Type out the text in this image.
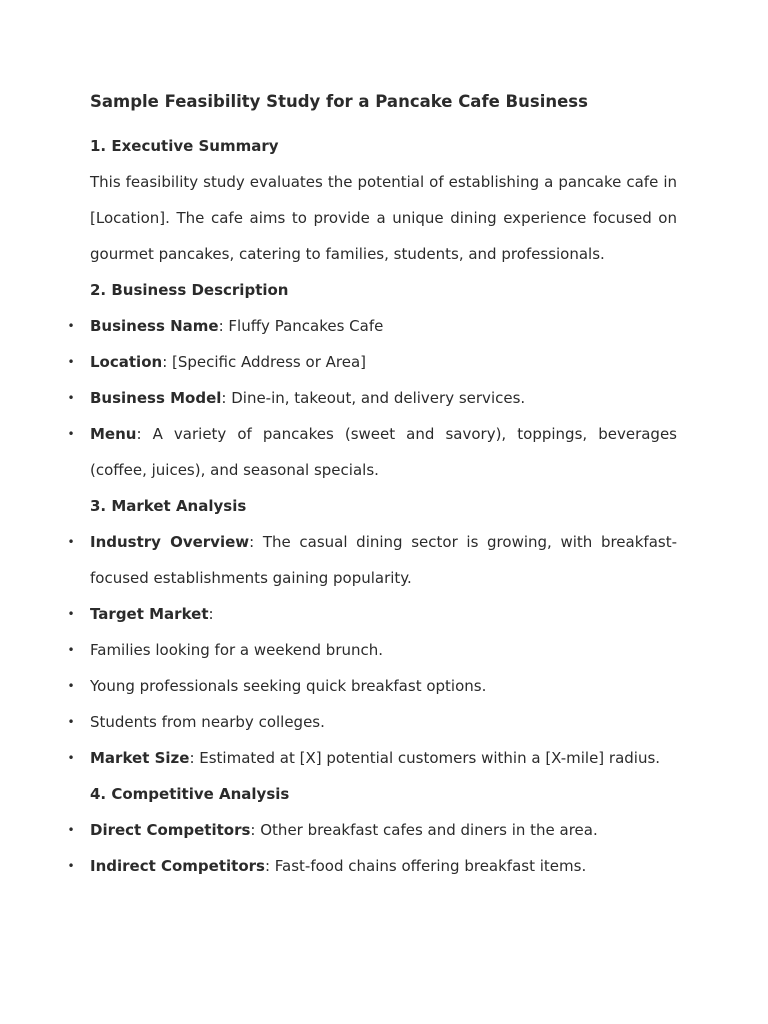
Sample Feasibility Study for a Pancake Cafe Business
1. Executive Summary

This feasibility study evaluates the potential of establishing a pancake cafe in [Location]. The cafe aims to provide a unique dining experience focused on gourmet pancakes, catering to families, students, and professionals.

2. Business Description
• Business Name: Fluffy Pancakes Cafe
• Location: [Specific Address or Area]
• Business Model: Dine-in, takeout, and delivery services.
• Menu: A variety of pancakes (sweet and savory), toppings, beverages (coffee, juices), and seasonal specials.
3. Market Analysis
• Industry Overview: The casual dining sector is growing, with breakfast-focused establishments gaining popularity.
• Target Market:
• Families looking for a weekend brunch.
• Young professionals seeking quick breakfast options.
• Students from nearby colleges.
• Market Size: Estimated at [X] potential customers within a [X-mile] radius.
4. Competitive Analysis
• Direct Competitors: Other breakfast cafes and diners in the area.
• Indirect Competitors: Fast-food chains offering breakfast items.
